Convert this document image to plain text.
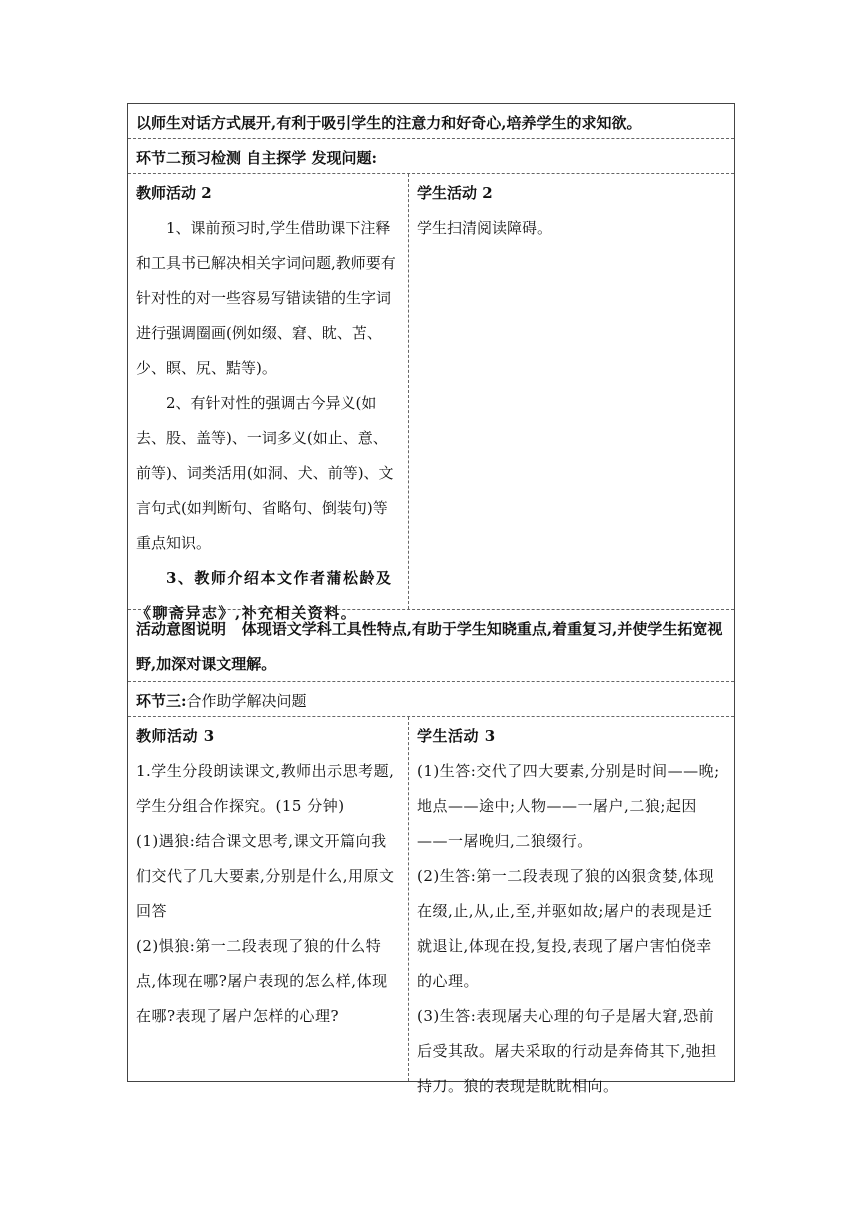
以师生对话方式展开,有利于吸引学生的注意力和好奇心,培养学生的求知欲。

环节二预习检测 自主探学 发现问题:

教师活动 2

1、课前预习时,学生借助课下注释和工具书已解决相关字词问题,教师要有针对性的对一些容易写错读错的生字词进行强调圈画(例如缀、窘、眈、苫、少、瞑、尻、黠等)。

2、有针对性的强调古今异义(如去、股、盖等)、一词多义(如止、意、前等)、词类活用(如洞、犬、前等)、文言句式(如判断句、省略句、倒装句)等重点知识。

3、教师介绍本文作者蒲松龄及《聊斋异志》,补充相关资料。

学生活动 2

学生扫清阅读障碍。

活动意图说明 体现语文学科工具性特点,有助于学生知晓重点,着重复习,并使学生拓宽视野,加深对课文理解。

环节三:合作助学解决问题

教师活动 3

1.学生分段朗读课文,教师出示思考题,学生分组合作探究。(15 分钟)

(1)遇狼:结合课文思考,课文开篇向我们交代了几大要素,分别是什么,用原文回答

(2)惧狼:第一二段表现了狼的什么特点,体现在哪?屠户表现的怎么样,体现在哪?表现了屠户怎样的心理?

学生活动 3

(1)生答:交代了四大要素,分别是时间——晚;地点——途中;人物——一屠户,二狼;起因——一屠晚归,二狼缀行。

(2)生答:第一二段表现了狼的凶狠贪婪,体现在缀,止,从,止,至,并驱如故;屠户的表现是迁就退让,体现在投,复投,表现了屠户害怕侥幸的心理。

(3)生答:表现屠夫心理的句子是屠大窘,恐前后受其敌。屠夫采取的行动是奔倚其下,弛担持刀。狼的表现是眈眈相向。
